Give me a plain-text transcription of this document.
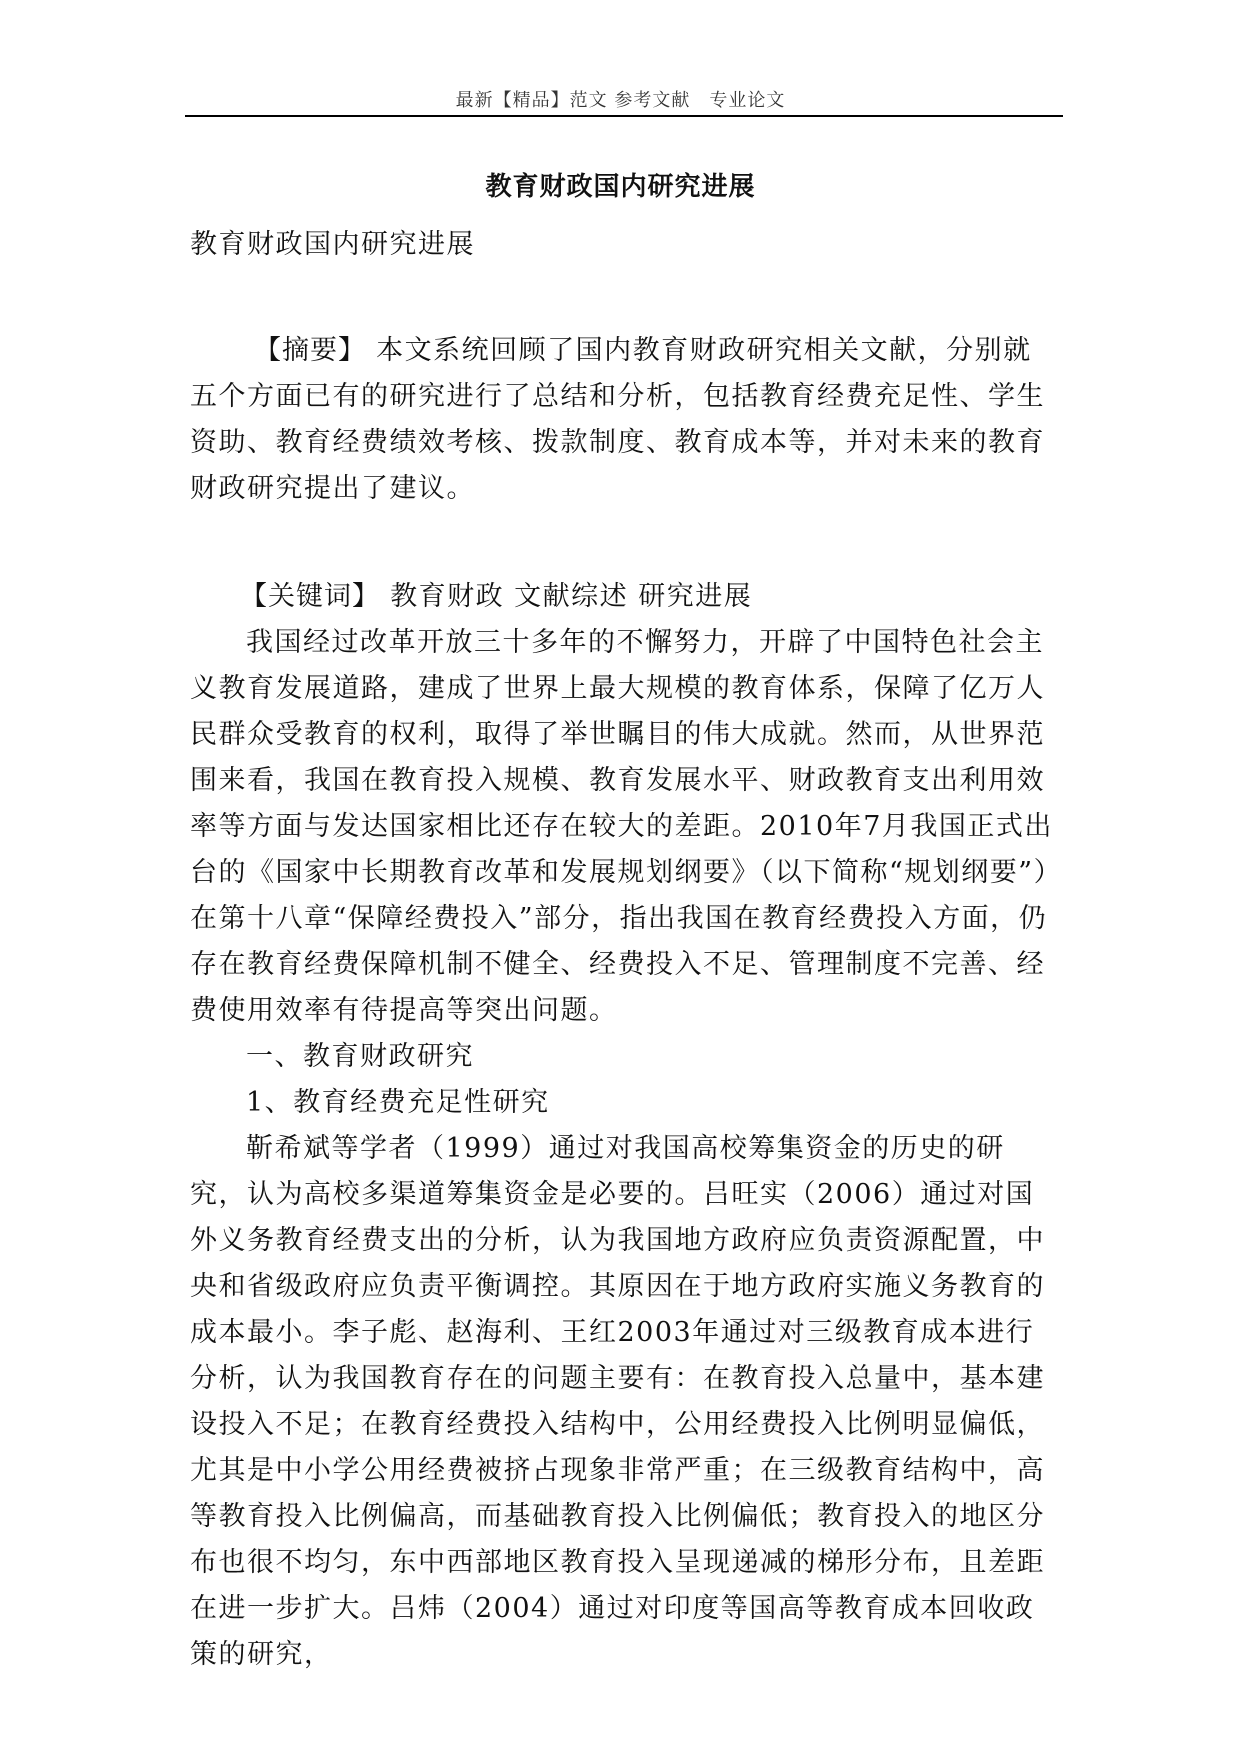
最新【精品】范文 参考文献　专业论文
教育财政国内研究进展

教育财政国内研究进展

【摘要】 本文系统回顾了国内教育财政研究相关文献，分别就五个方面已有的研究进行了总结和分析，包括教育经费充足性、学生资助、教育经费绩效考核、拨款制度、教育成本等，并对未来的教育财政研究提出了建议。

【关键词】 教育财政 文献综述 研究进展

我国经过改革开放三十多年的不懈努力，开辟了中国特色社会主义教育发展道路，建成了世界上最大规模的教育体系，保障了亿万人民群众受教育的权利，取得了举世瞩目的伟大成就。然而，从世界范围来看，我国在教育投入规模、教育发展水平、财政教育支出利用效率等方面与发达国家相比还存在较大的差距。2010年7月我国正式出台的《国家中长期教育改革和发展规划纲要》（以下简称“规划纲要”）在第十八章“保障经费投入”部分，指出我国在教育经费投入方面，仍存在教育经费保障机制不健全、经费投入不足、管理制度不完善、经费使用效率有待提高等突出问题。

一、教育财政研究

1、教育经费充足性研究

靳希斌等学者（1999）通过对我国高校筹集资金的历史的研究，认为高校多渠道筹集资金是必要的。吕旺实（2006）通过对国外义务教育经费支出的分析，认为我国地方政府应负责资源配置，中央和省级政府应负责平衡调控。其原因在于地方政府实施义务教育的成本最小。李子彪、赵海利、王红2003年通过对三级教育成本进行分析，认为我国教育存在的问题主要有：在教育投入总量中，基本建设投入不足；在教育经费投入结构中，公用经费投入比例明显偏低，尤其是中小学公用经费被挤占现象非常严重；在三级教育结构中，高等教育投入比例偏高，而基础教育投入比例偏低；教育投入的地区分布也很不均匀，东中西部地区教育投入呈现递减的梯形分布，且差距在进一步扩大。吕炜（2004）通过对印度等国高等教育成本回收政策的研究，
